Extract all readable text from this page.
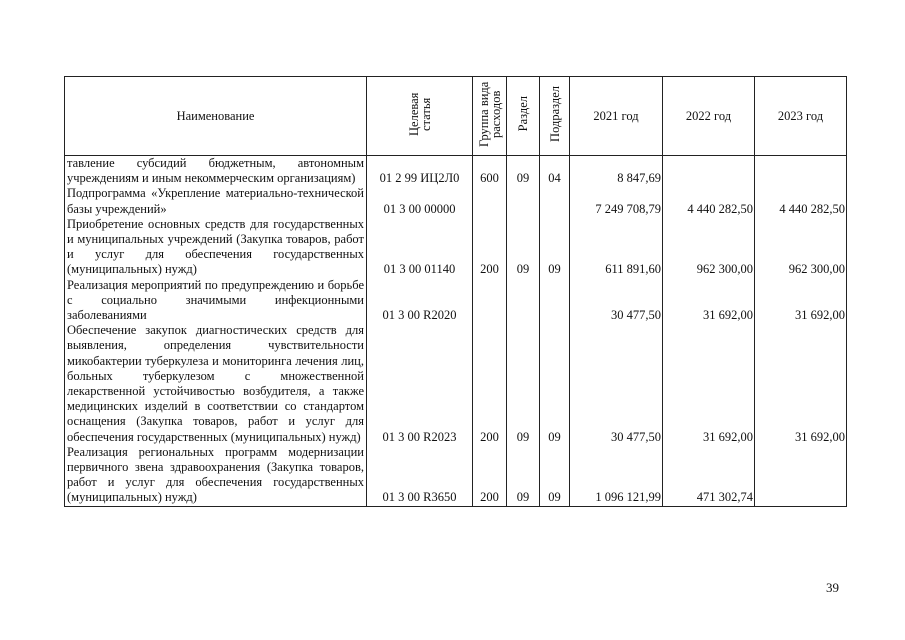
Наименование	Целевая статья	Группа вида расходов	Раздел	Подраздел	2021 год	2022 год	2023 год
тавление субсидий бюджетным, автономным учреждениям и иным некоммерческим организациям)	01 2 99 ИЦ2Л0	600	09	04	8 847,69		
Подпрограмма «Укрепление материально-технической базы учреждений»	01 3 00 00000				7 249 708,79	4 440 282,50	4 440 282,50
Приобретение основных средств для государственных и муниципальных учреждений (Закупка товаров, работ и услуг для обеспечения государственных (муниципальных) нужд)	01 3 00 01140	200	09	09	611 891,60	962 300,00	962 300,00
Реализация мероприятий по предупреждению и борьбе с социально значимыми инфекционными заболеваниями	01 3 00 R2020				30 477,50	31 692,00	31 692,00
Обеспечение закупок диагностических средств для выявления, определения чувствительности микобактерии туберкулеза и мониторинга лечения лиц, больных туберкулезом с множественной лекарственной устойчивостью возбудителя, а также медицинских изделий в соответствии со стандартом оснащения (Закупка товаров, работ и услуг для обеспечения государственных (муниципальных) нужд)	01 3 00 R2023	200	09	09	30 477,50	31 692,00	31 692,00
Реализация региональных программ модернизации первичного звена здравоохранения (Закупка товаров, работ и услуг для обеспечения государственных (муниципальных) нужд)	01 3 00 R3650	200	09	09	1 096 121,99	471 302,74	
39
